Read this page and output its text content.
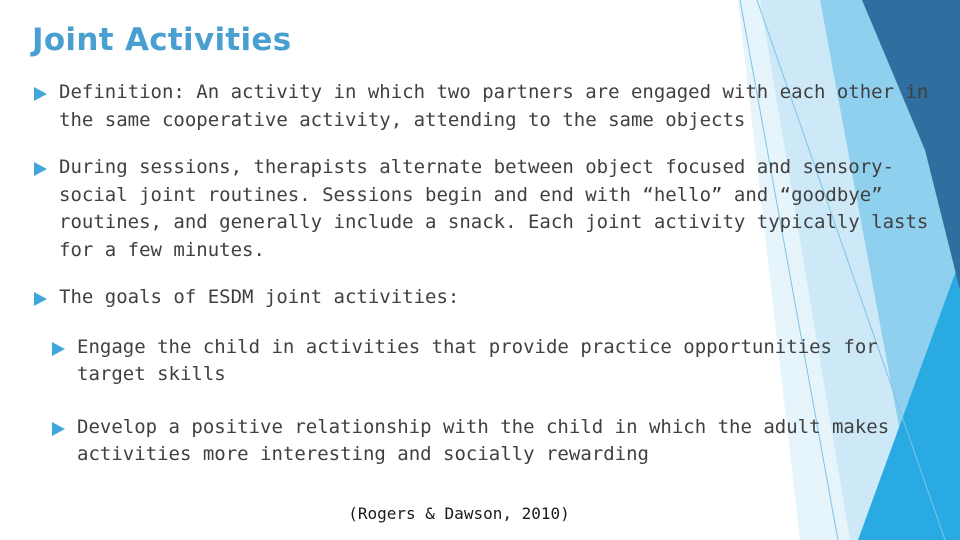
Joint Activities

Definition: An activity in which two partners are engaged with each other in the same cooperative activity, attending to the same objects

During sessions, therapists alternate between object focused and sensory-social joint routines. Sessions begin and end with “hello” and “goodbye” routines, and generally include a snack. Each joint activity typically lasts for a few minutes.

The goals of ESDM joint activities:

Engage the child in activities that provide practice opportunities for target skills

Develop a positive relationship with the child in which the adult makes activities more interesting and socially rewarding

(Rogers & Dawson, 2010)
